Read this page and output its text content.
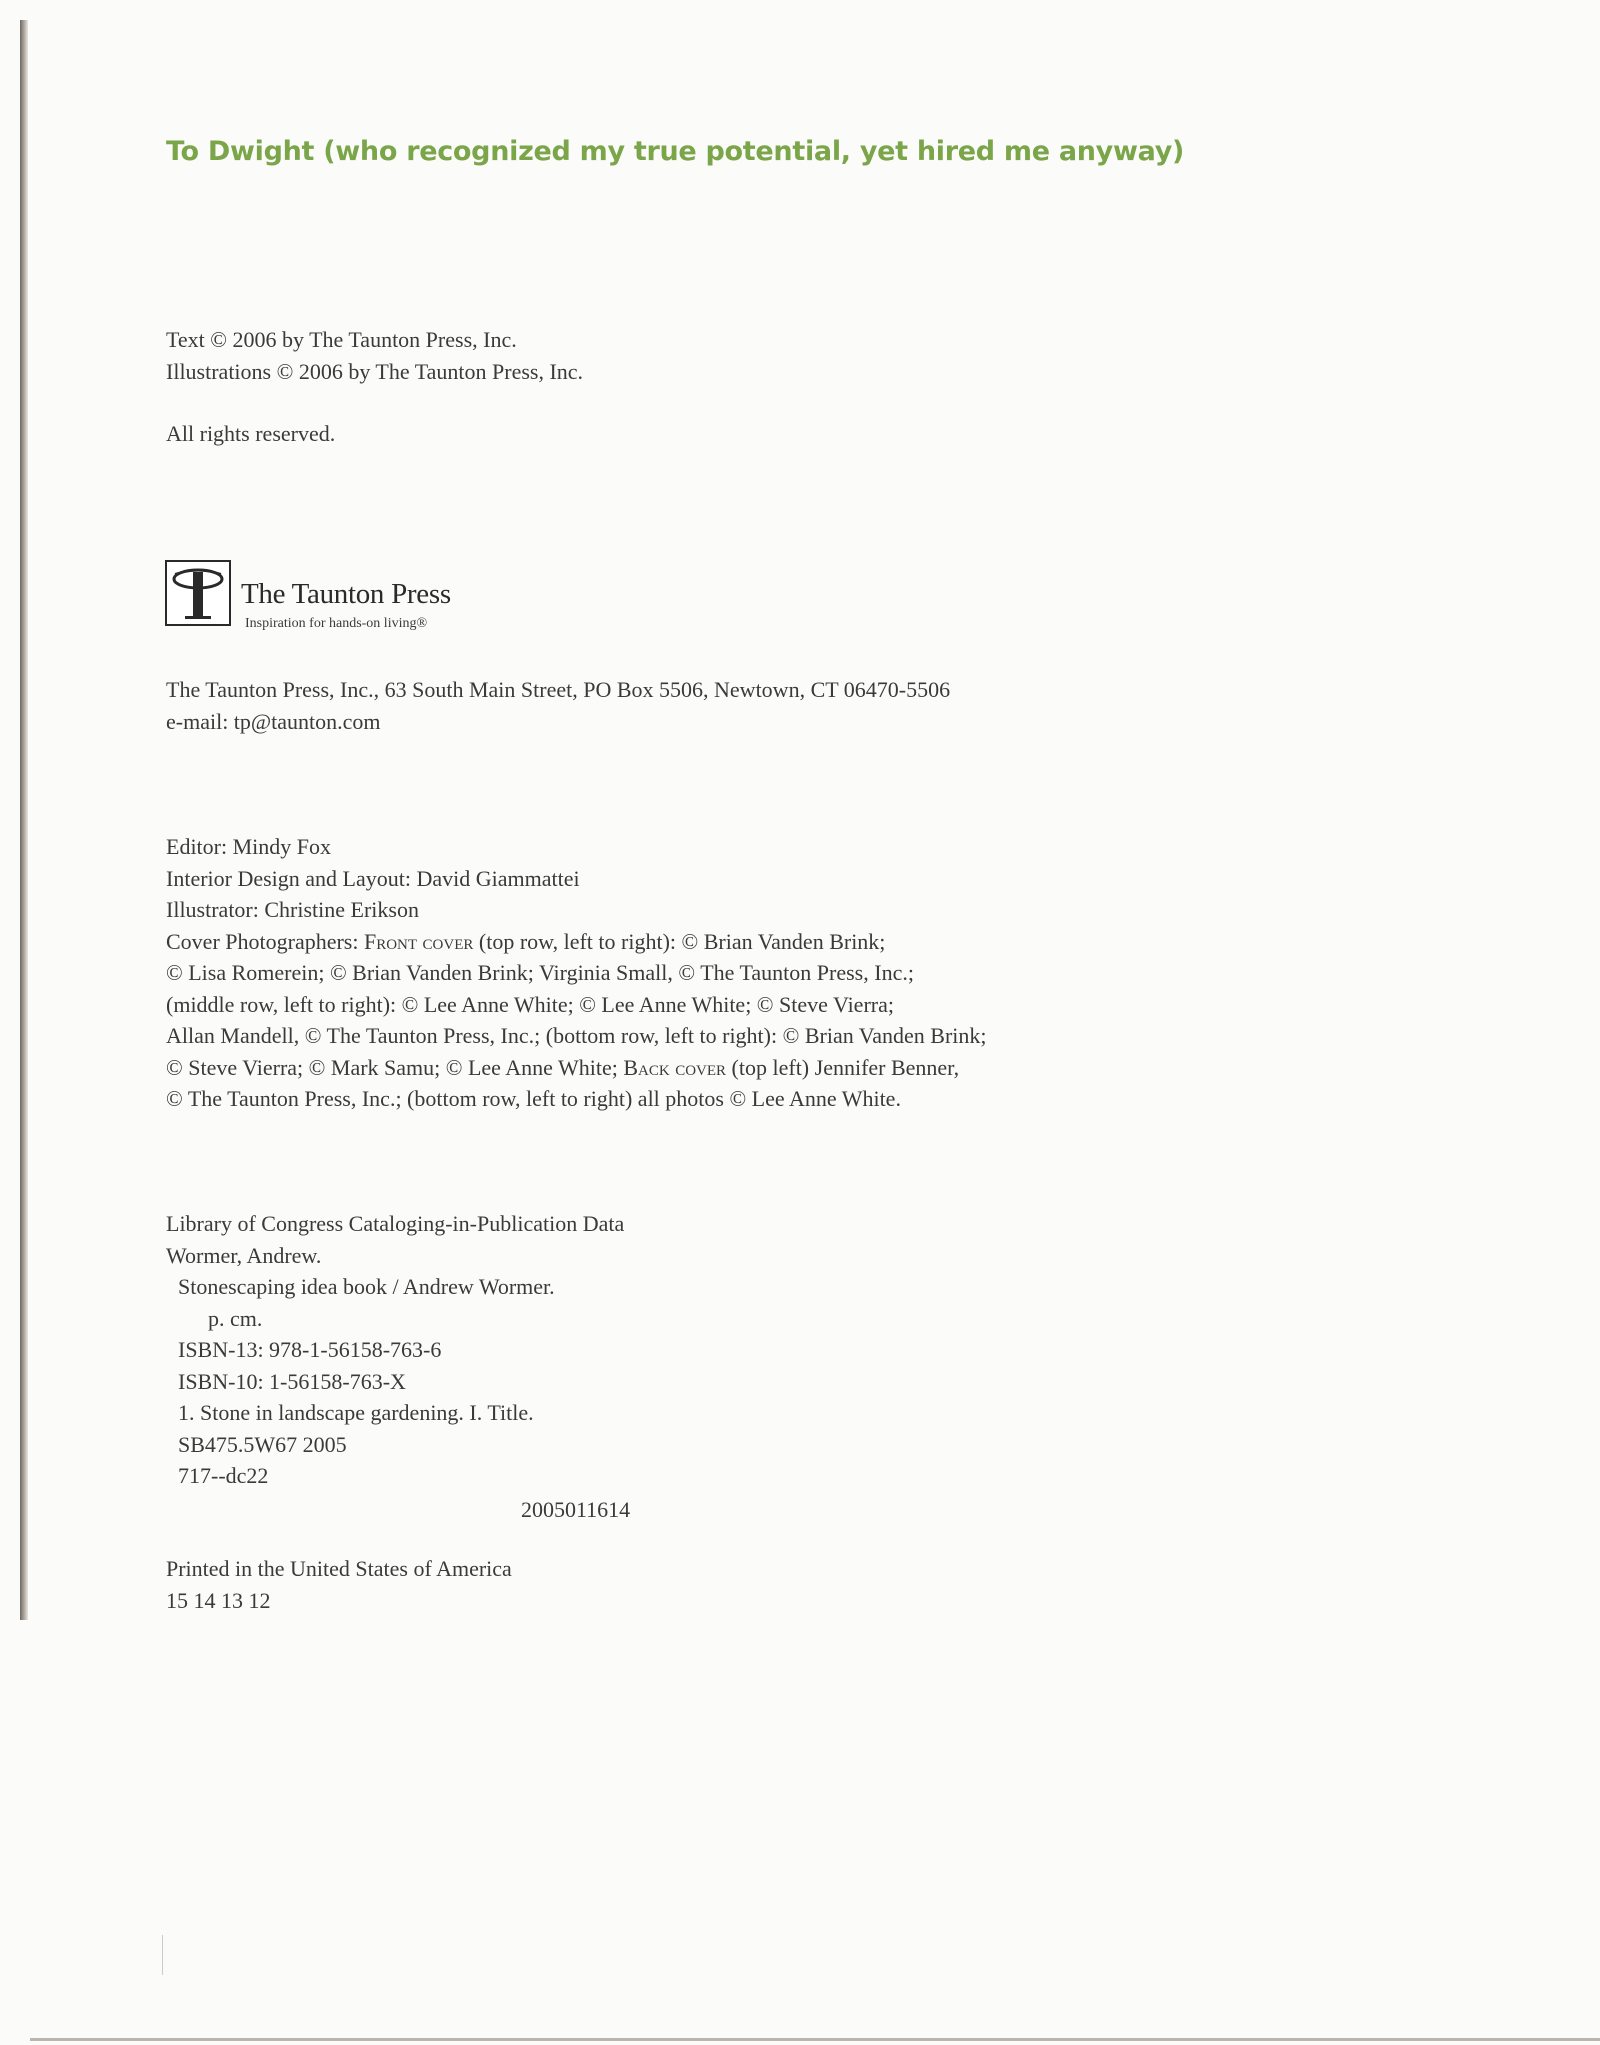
To Dwight (who recognized my true potential, yet hired me anyway)
Text © 2006 by The Taunton Press, Inc.
Illustrations © 2006 by The Taunton Press, Inc.
All rights reserved.
The Taunton Press
Inspiration for hands-on living®
The Taunton Press, Inc., 63 South Main Street, PO Box 5506, Newtown, CT 06470-5506
e-mail: tp@taunton.com
Editor: Mindy Fox
Interior Design and Layout: David Giammattei
Illustrator: Christine Erikson
Cover Photographers: Front cover (top row, left to right): © Brian Vanden Brink;
© Lisa Romerein; © Brian Vanden Brink; Virginia Small, © The Taunton Press, Inc.;
(middle row, left to right): © Lee Anne White; © Lee Anne White; © Steve Vierra;
Allan Mandell, © The Taunton Press, Inc.; (bottom row, left to right): © Brian Vanden Brink;
© Steve Vierra; © Mark Samu; © Lee Anne White; Back cover (top left) Jennifer Benner,
© The Taunton Press, Inc.; (bottom row, left to right) all photos © Lee Anne White.
Library of Congress Cataloging-in-Publication Data
Wormer, Andrew.
Stonescaping idea book / Andrew Wormer.
p. cm.
ISBN-13: 978-1-56158-763-6
ISBN-10: 1-56158-763-X
1. Stone in landscape gardening. I. Title.
SB475.5W67 2005
717--dc22
2005011614
Printed in the United States of America
15 14 13 12
